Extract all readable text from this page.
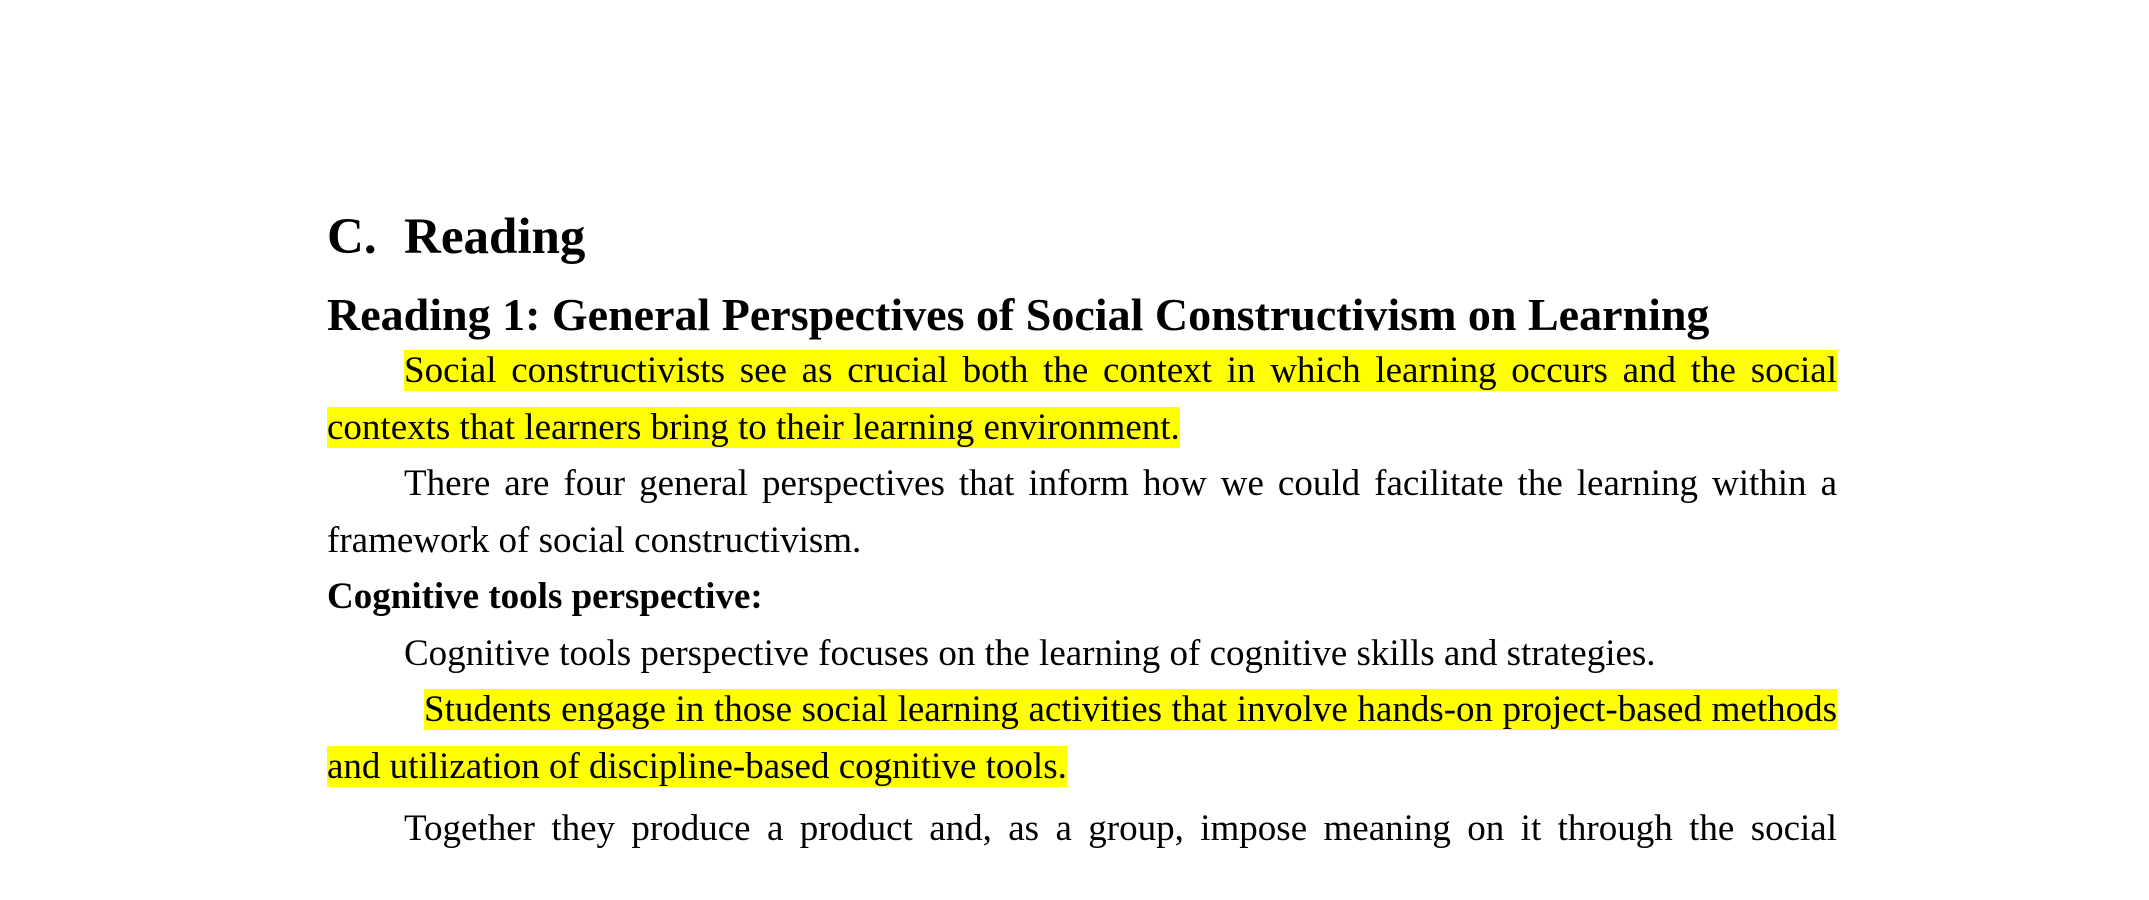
C. Reading
Reading 1: General Perspectives of Social Constructivism on Learning

Social constructivists see as crucial both the context in which learning occurs and the social contexts that learners bring to their learning environment.

There are four general perspectives that inform how we could facilitate the learning within a framework of social constructivism.

Cognitive tools perspective:

Cognitive tools perspective focuses on the learning of cognitive skills and strategies.

Students engage in those social learning activities that involve hands-on project-based methods and utilization of discipline-based cognitive tools.

Together they produce a product and, as a group, impose meaning on it through the social
